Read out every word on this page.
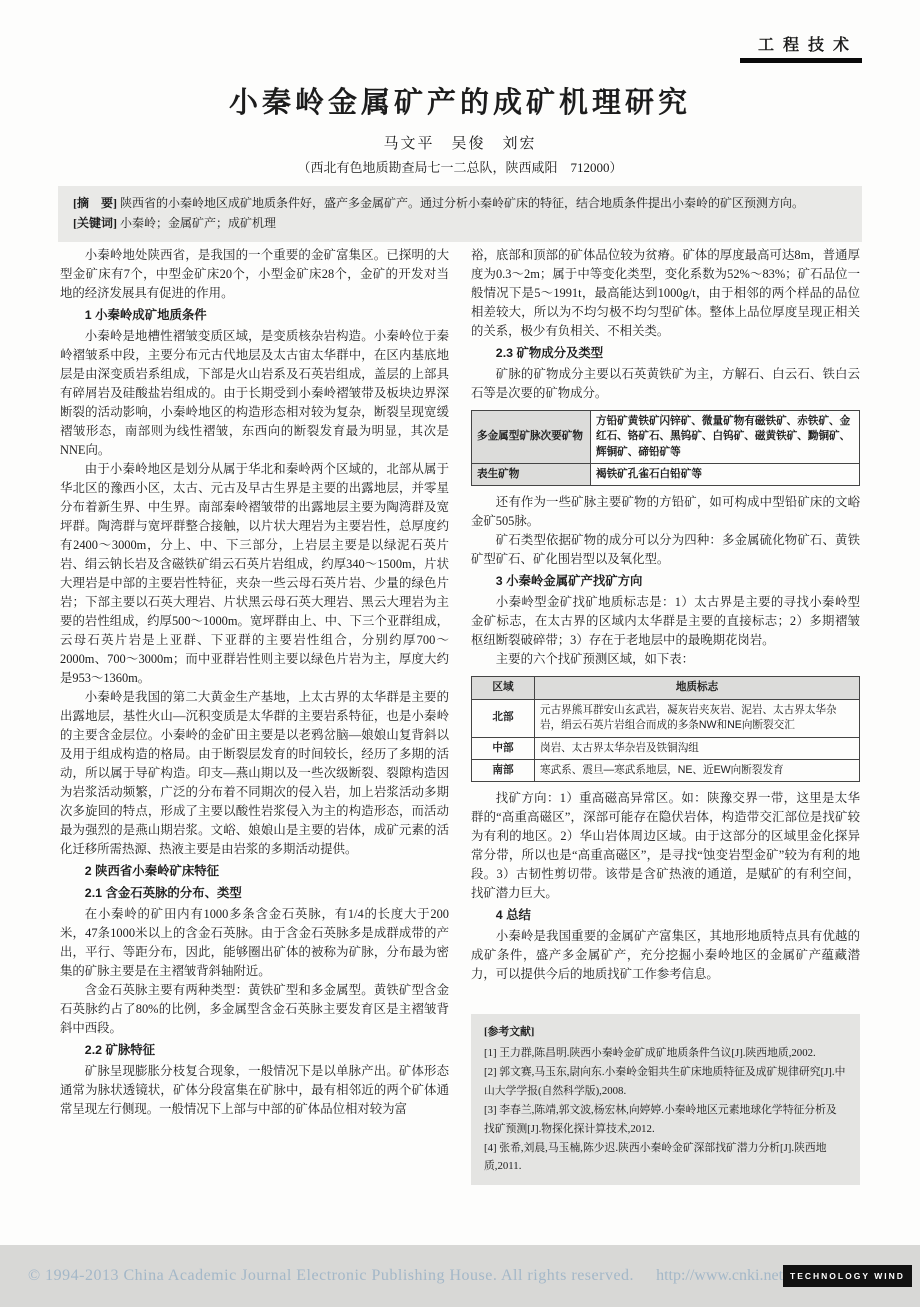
工程技术
小秦岭金属矿产的成矿机理研究
马文平　吴俊　刘宏
（西北有色地质勘查局七一二总队，陕西咸阳　712000）
[摘　要] 陕西省的小秦岭地区成矿地质条件好，盛产多金属矿产。通过分析小秦岭矿床的特征，结合地质条件提出小秦岭的矿区预测方向。
[关键词] 小秦岭；金属矿产；成矿机理

小秦岭地处陕西省，是我国的一个重要的金矿富集区。已探明的大型金矿床有7个，中型金矿床20个，小型金矿床28个，金矿的开发对当地的经济发展具有促进的作用。

1 小秦岭成矿地质条件

小秦岭是地槽性褶皱变质区域，是变质核杂岩构造。小秦岭位于秦岭褶皱系中段，主要分布元古代地层及太古宙太华群中，在区内基底地层是由深变质岩系组成，下部是火山岩系及石英岩组成，盖层的上部具有碎屑岩及硅酸盐岩组成的。由于长期受到小秦岭褶皱带及板块边界深断裂的活动影响，小秦岭地区的构造形态相对较为复杂，断裂呈现宽缓褶皱形态，南部则为线性褶皱，东西向的断裂发育最为明显，其次是NNE向。

由于小秦岭地区是划分从属于华北和秦岭两个区域的，北部从属于华北区的豫西小区，太古、元古及早古生界是主要的出露地层，并零星分布着新生界、中生界。南部秦岭褶皱带的出露地层主要为陶湾群及宽坪群。陶湾群与宽坪群整合接触，以片状大理岩为主要岩性，总厚度约有2400～3000m，分上、中、下三部分，上岩层主要是以绿泥石英片岩、绢云钠长岩及含磁铁矿绢云石英片岩组成，约厚340～1500m，片状大理岩是中部的主要岩性特征，夹杂一些云母石英片岩、少量的绿色片岩；下部主要以石英大理岩、片状黑云母石英大理岩、黑云大理岩为主要的岩性组成，约厚500～1000m。宽坪群由上、中、下三个亚群组成，云母石英片岩是上亚群、下亚群的主要岩性组合，分别约厚700～2000m、700～3000m；而中亚群岩性则主要以绿色片岩为主，厚度大约是953～1360m。

小秦岭是我国的第二大黄金生产基地，上太古界的太华群是主要的出露地层，基性火山—沉积变质是太华群的主要岩系特征，也是小秦岭的主要含金层位。小秦岭的金矿田主要是以老鸦岔脑—娘娘山复背斜以及用于组成构造的格局。由于断裂层发育的时间较长，经历了多期的活动，所以属于导矿构造。印支—燕山期以及一些次级断裂、裂隙构造因为岩浆活动频繁，广泛的分布着不同期次的侵入岩，加上岩浆活动多期次多旋回的特点，形成了主要以酸性岩浆侵入为主的构造形态，而活动最为强烈的是燕山期岩浆。文峪、娘娘山是主要的岩体，成矿元素的活化迁移所需热源、热液主要是由岩浆的多期活动提供。

2 陕西省小秦岭矿床特征
2.1 含金石英脉的分布、类型

在小秦岭的矿田内有1000多条含金石英脉，有1/4的长度大于200米，47条1000米以上的含金石英脉。由于含金石英脉多是成群成带的产出，平行、等距分布，因此，能够圈出矿体的被称为矿脉，分布最为密集的矿脉主要是在主褶皱背斜轴附近。

含金石英脉主要有两种类型：黄铁矿型和多金属型。黄铁矿型含金石英脉约占了80%的比例，多金属型含金石英脉主要发育区是主褶皱背斜中西段。

2.2 矿脉特征

矿脉呈现膨胀分枝复合现象，一般情况下是以单脉产出。矿体形态通常为脉状透镜状，矿体分段富集在矿脉中，最有相邻近的两个矿体通常呈现左行侧现。一般情况下上部与中部的矿体品位相对较为富

裕，底部和顶部的矿体品位较为贫瘠。矿体的厚度最高可达8m，普通厚度为0.3～2m；属于中等变化类型，变化系数为52%～83%；矿石品位一般情况下是5～1991t，最高能达到1000g/t，由于相邻的两个样品的品位相差较大，所以为不均匀极不均匀型矿体。整体上品位厚度呈现正相关的关系，极少有负相关、不相关类。

2.3 矿物成分及类型

矿脉的矿物成分主要以石英黄铁矿为主，方解石、白云石、铁白云石等是次要的矿物成分。

多金属型矿脉次要矿物	方铅矿黄铁矿闪锌矿、微量矿物有磁铁矿、赤铁矿、金红石、铬矿石、黑钨矿、白钨矿、磁黄铁矿、黝铜矿、辉铜矿、碲铅矿等
表生矿物	褐铁矿孔雀石白铅矿等

还有作为一些矿脉主要矿物的方铅矿，如可构成中型铅矿床的文峪金矿505脉。

矿石类型依据矿物的成分可以分为四种：多金属硫化物矿石、黄铁矿型矿石、矿化围岩型以及氧化型。

3 小秦岭金属矿产找矿方向

小秦岭型金矿找矿地质标志是：1）太古界是主要的寻找小秦岭型金矿标志，在太古界的区域内太华群是主要的直接标志；2）多期褶皱枢纽断裂破碎带；3）存在于老地层中的最晚期花岗岩。

主要的六个找矿预测区域，如下表：

区域	地质标志
北部	元古界熊耳群安山玄武岩，凝灰岩夹灰岩、泥岩、太古界太华杂岩，绢云石英片岩组合而成的多条NW和NE向断裂交汇
中部	岗岩、太古界太华杂岩及铁铜沟组
南部	寒武系、震旦—寒武系地层，NE、近EW向断裂发育

找矿方向：1）重高磁高异常区。如：陕豫交界一带，这里是太华群的“高重高磁区”，深部可能存在隐伏岩体，构造带交汇部位是找矿较为有利的地区。2）华山岩体周边区域。由于这部分的区域里金化探异常分带，所以也是“高重高磁区”，是寻找“蚀变岩型金矿”较为有利的地段。3）古韧性剪切带。该带是含矿热液的通道，是赋矿的有利空间，找矿潜力巨大。

4 总结

小秦岭是我国重要的金属矿产富集区，其地形地质特点具有优越的成矿条件，盛产多金属矿产，充分挖掘小秦岭地区的金属矿产蕴藏潜力，可以提供今后的地质找矿工作参考信息。

[参考文献]
[1] 王力群,陈昌明.陕西小秦岭金矿成矿地质条件刍议[J].陕西地质,2002.
[2] 郭文赛,马玉东,尉向东.小秦岭金钼共生矿床地质特征及成矿规律研究[J].中山大学学报(自然科学版),2008.
[3] 李春兰,陈靖,郭文波,杨宏林,向婷婷.小秦岭地区元素地球化学特征分析及找矿预测[J].物探化探计算技术,2012.
[4] 张希,刘晨,马玉楠,陈少迟.陕西小秦岭金矿深部找矿潜力分析[J].陕西地质,2011.
© 1994-2013 China Academic Journal Electronic Publishing House. All rights reserved. http://www.cnki.net TECHNOLOGY WIND
